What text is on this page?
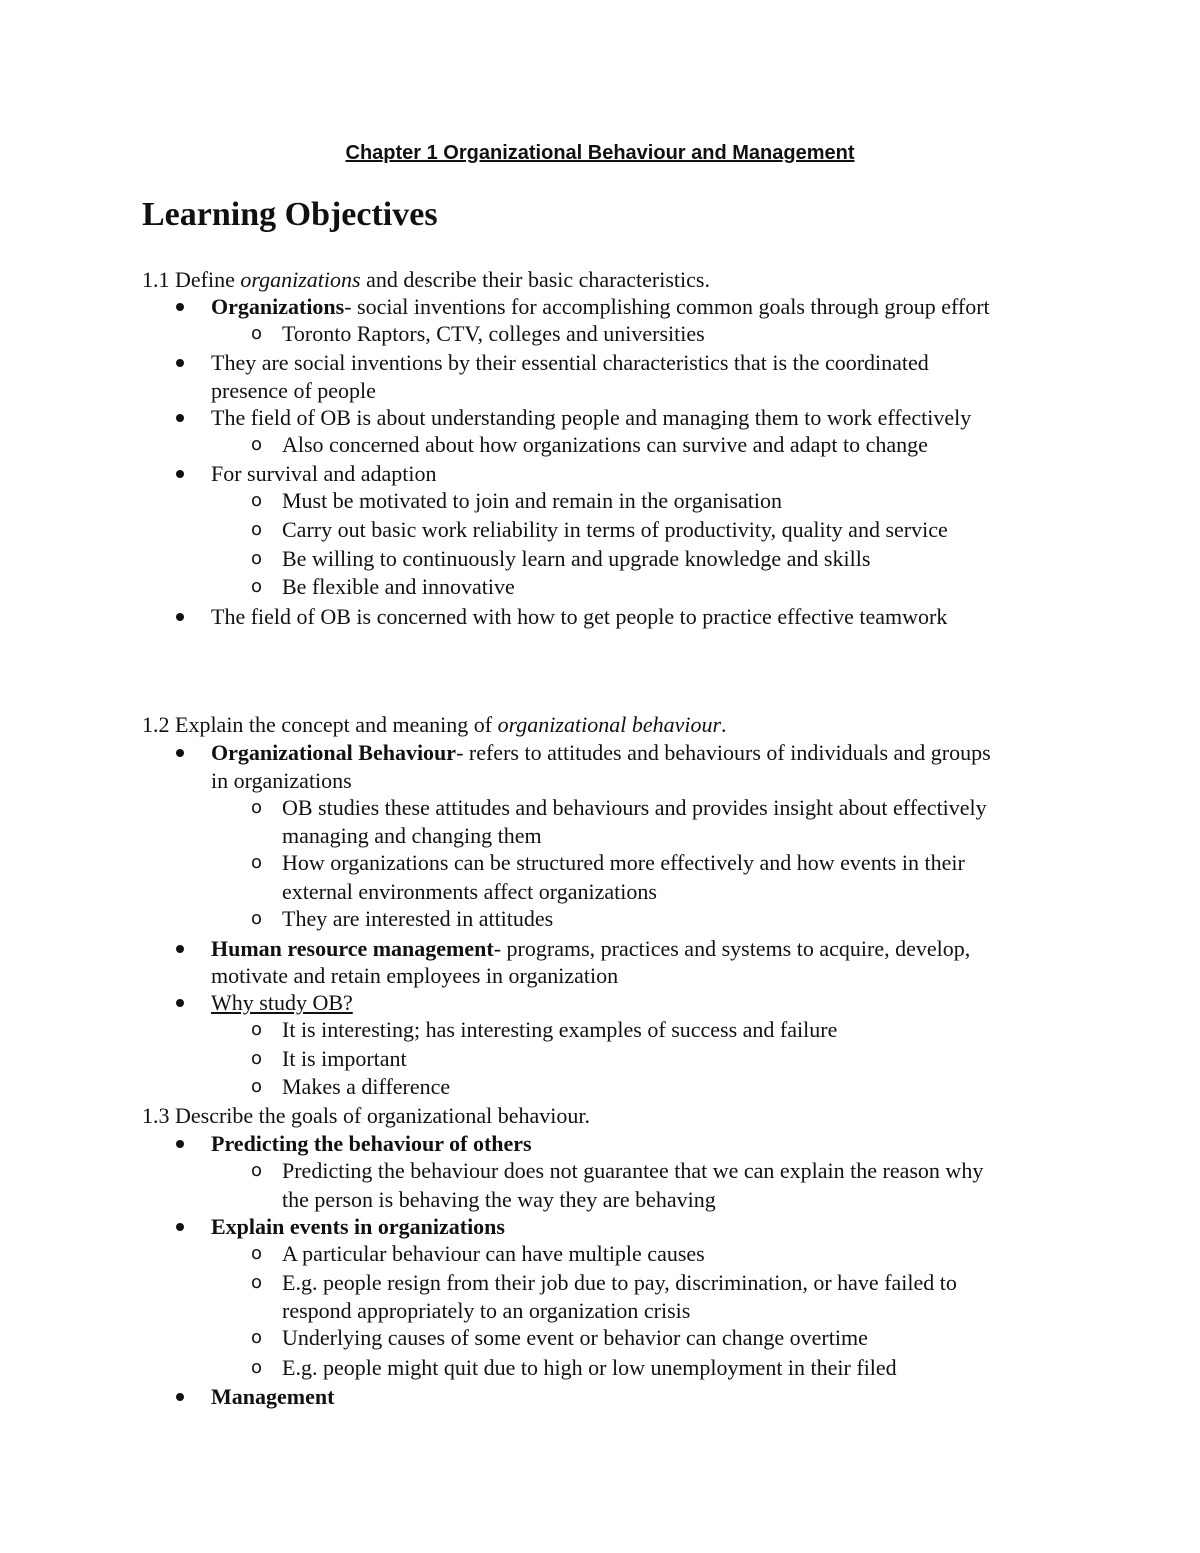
Chapter 1 Organizational Behaviour and Management
Learning Objectives

1.1 Define organizations and describe their basic characteristics.

Organizations- social inventions for accomplishing common goals through group effort

o Toronto Raptors, CTV, colleges and universities

They are social inventions by their essential characteristics that is the coordinated

presence of people

The field of OB is about understanding people and managing them to work effectively

o Also concerned about how organizations can survive and adapt to change

For survival and adaption

o Must be motivated to join and remain in the organisation

o Carry out basic work reliability in terms of productivity, quality and service

o Be willing to continuously learn and upgrade knowledge and skills

o Be flexible and innovative

The field of OB is concerned with how to get people to practice effective teamwork

1.2 Explain the concept and meaning of organizational behaviour.

Organizational Behaviour- refers to attitudes and behaviours of individuals and groups

in organizations

o OB studies these attitudes and behaviours and provides insight about effectively

managing and changing them

o How organizations can be structured more effectively and how events in their

external environments affect organizations

o They are interested in attitudes

Human resource management- programs, practices and systems to acquire, develop,

motivate and retain employees in organization

Why study OB?

o It is interesting; has interesting examples of success and failure

o It is important

o Makes a difference

1.3 Describe the goals of organizational behaviour.

Predicting the behaviour of others

o Predicting the behaviour does not guarantee that we can explain the reason why

the person is behaving the way they are behaving

Explain events in organizations

o A particular behaviour can have multiple causes

o E.g. people resign from their job due to pay, discrimination, or have failed to

respond appropriately to an organization crisis

o Underlying causes of some event or behavior can change overtime

o E.g. people might quit due to high or low unemployment in their filed

Management
